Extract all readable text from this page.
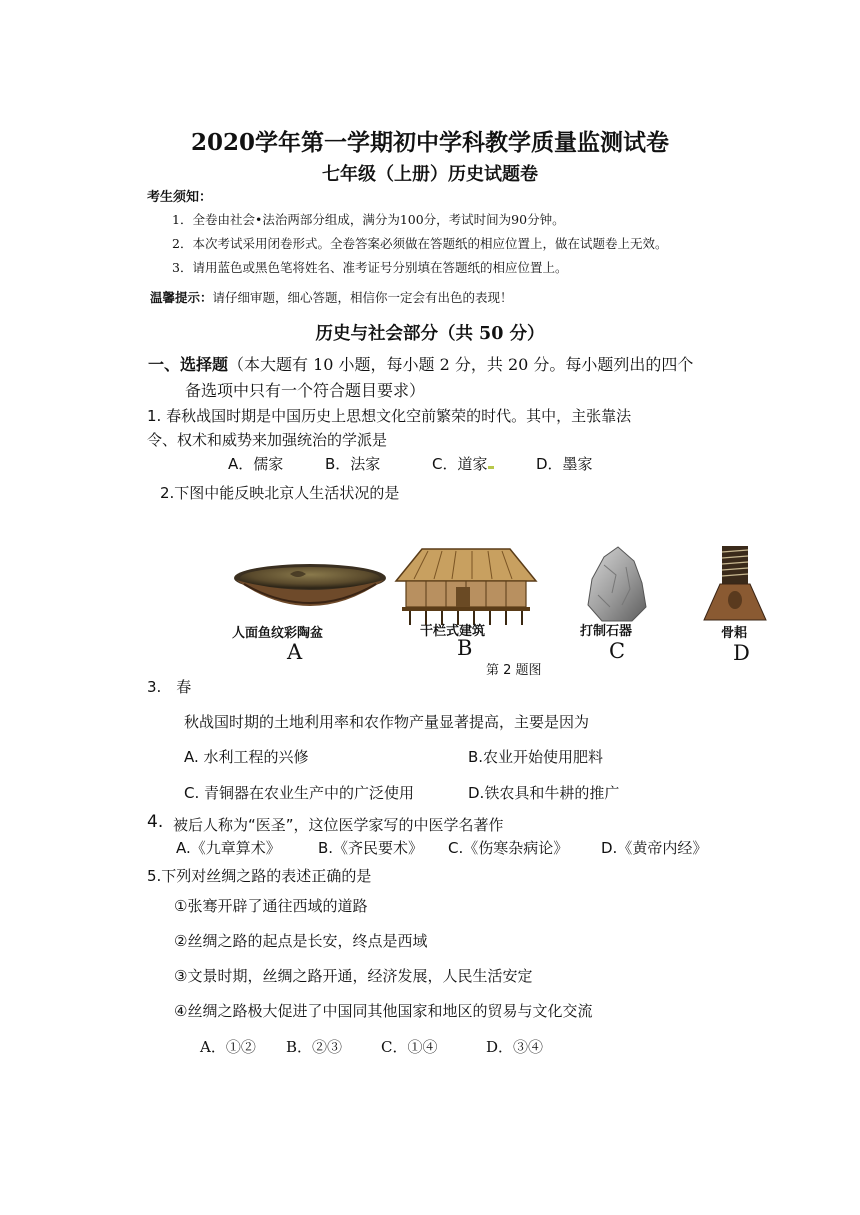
2020学年第一学期初中学科教学质量监测试卷
七年级（上册）历史试题卷
考生须知：
1．全卷由社会•法治两部分组成，满分为100分，考试时间为90分钟。
2．本次考试采用闭卷形式。全卷答案必须做在答题纸的相应位置上，做在试题卷上无效。
3．请用蓝色或黑色笔将姓名、准考证号分别填在答题纸的相应位置上。
温馨提示：请仔细审题，细心答题，相信你一定会有出色的表现！
历史与社会部分（共 50 分）
一、选择题（本大题有 10 小题，每小题 2 分，共 20 分。每小题列出的四个
备选项中只有一个符合题目要求）
1. 春秋战国时期是中国历史上思想文化空前繁荣的时代。其中，主张靠法
令、权术和威势来加强统治的学派是
A．儒家	B．法家	C．道家	D．墨家
2.下图中能反映北京人生活状况的是
人面鱼纹彩陶盆	干栏式建筑	打制石器	骨耜
A	B	C	D
3.　春
第 2 题图
秋战国时期的土地利用率和农作物产量显著提高，主要是因为
A. 水利工程的兴修	B.农业开始使用肥料
C. 青铜器在农业生产中的广泛使用	D.铁农具和牛耕的推广
4. 被后人称为“医圣”，这位医学家写的中医学名著作
A.《九章算术》 B.《齐民要术》 C.《伤寒杂病论》 D.《黄帝内经》
5.下列对丝绸之路的表述正确的是
①张骞开辟了通往西域的道路
②丝绸之路的起点是长安，终点是西域
③文景时期，丝绸之路开通，经济发展，人民生活安定
④丝绸之路极大促进了中国同其他国家和地区的贸易与文化交流
A．①② B．②③	C．①④	D．③④
